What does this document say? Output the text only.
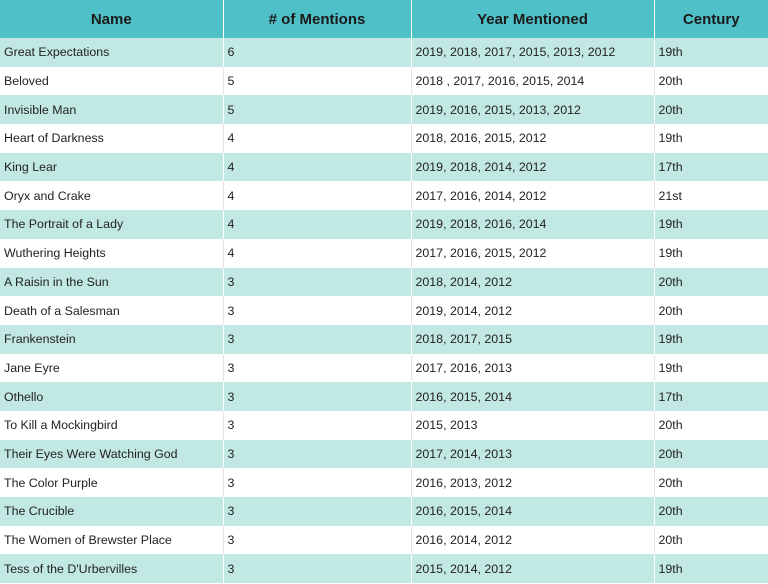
Name	# of Mentions	Year Mentioned	Century
Great Expectations	6	2019, 2018, 2017, 2015, 2013, 2012	19th
Beloved	5	2018 , 2017, 2016, 2015, 2014	20th
Invisible Man	5	2019, 2016, 2015, 2013, 2012	20th
Heart of Darkness	4	2018, 2016, 2015, 2012	19th
King Lear	4	2019, 2018, 2014, 2012	17th
Oryx and Crake	4	2017, 2016, 2014, 2012	21st
The Portrait of a Lady	4	2019, 2018, 2016, 2014	19th
Wuthering Heights	4	2017, 2016, 2015, 2012	19th
A Raisin in the Sun	3	2018, 2014, 2012	20th
Death of a Salesman	3	2019, 2014, 2012	20th
Frankenstein	3	2018, 2017, 2015	19th
Jane Eyre	3	2017, 2016, 2013	19th
Othello	3	2016, 2015, 2014	17th
To Kill a Mockingbird	3	2015, 2013	20th
Their Eyes Were Watching God	3	2017, 2014, 2013	20th
The Color Purple	3	2016, 2013, 2012	20th
The Crucible	3	2016, 2015, 2014	20th
The Women of Brewster Place	3	2016, 2014, 2012	20th
Tess of the D'Urbervilles	3	2015, 2014, 2012	19th
